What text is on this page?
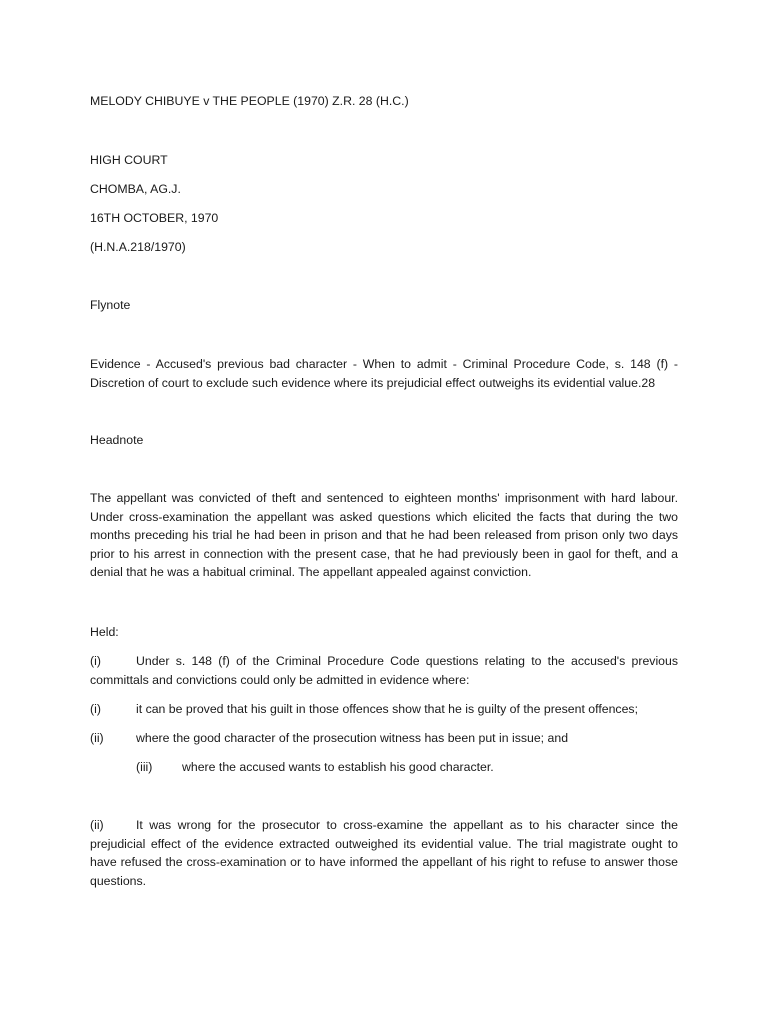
MELODY CHIBUYE v THE PEOPLE (1970) Z.R. 28 (H.C.)
HIGH COURT
CHOMBA, AG.J.
16TH OCTOBER, 1970
(H.N.A.218/1970)
Flynote
Evidence - Accused's previous bad character - When to admit - Criminal Procedure Code, s. 148 (f) - Discretion of court to exclude such evidence where its prejudicial effect outweighs its evidential value.28
Headnote
The appellant was convicted of theft and sentenced to eighteen months' imprisonment with hard labour. Under cross-examination the appellant was asked questions which elicited the facts that during the two months preceding his trial he had been in prison and that he had been released from prison only two days prior to his arrest in connection with the present case, that he had previously been in gaol for theft, and a denial that he was a habitual criminal. The appellant appealed against conviction.
Held:
(i)	Under s. 148 (f) of the Criminal Procedure Code questions relating to the accused's previous committals and convictions could only be admitted in evidence where:
(i)	it can be proved that his guilt in those offences show that he is guilty of the present offences;
(ii)	where the good character of the prosecution witness has been put in issue; and
(iii) where the accused wants to establish his good character.
(ii)	It was wrong for the prosecutor to cross-examine the appellant as to his character since the prejudicial effect of the evidence extracted outweighed its evidential value. The trial magistrate ought to have refused the cross-examination or to have informed the appellant of his right to refuse to answer those questions.
